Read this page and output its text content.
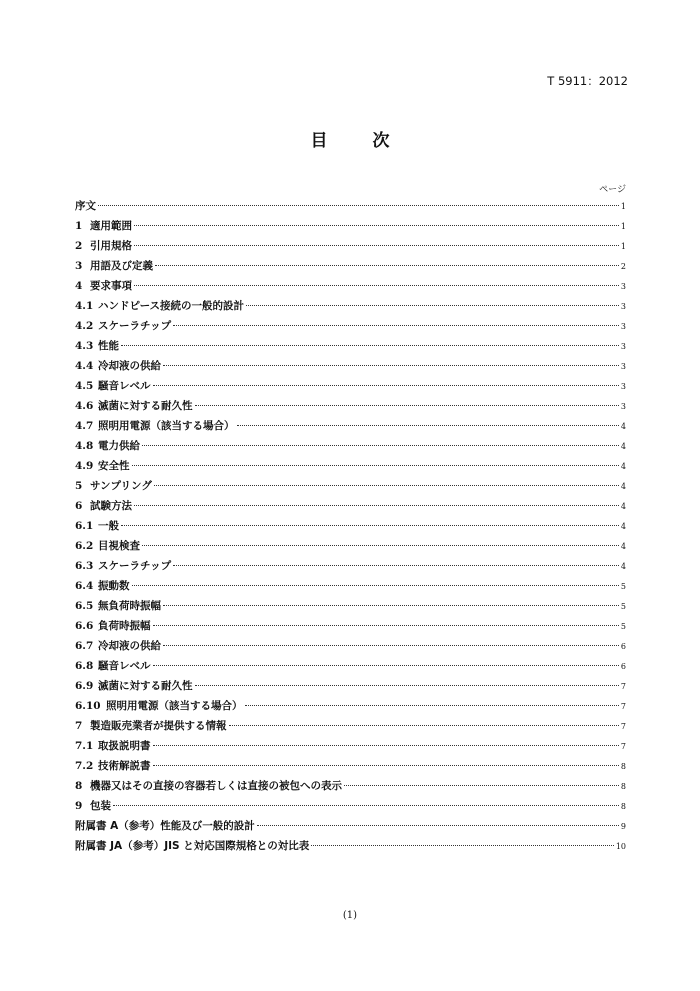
T 5911：2012
目　次
ページ
序文	1
1 適用範囲	1
2 引用規格	1
3 用語及び定義	2
4 要求事項	3
4.1 ハンドピース接続の一般的設計	3
4.2 スケーラチップ	3
4.3 性能	3
4.4 冷却液の供給	3
4.5 騒音レベル	3
4.6 滅菌に対する耐久性	3
4.7 照明用電源（該当する場合）	4
4.8 電力供給	4
4.9 安全性	4
5 サンプリング	4
6 試験方法	4
6.1 一般	4
6.2 目視検査	4
6.3 スケーラチップ	4
6.4 振動数	5
6.5 無負荷時振幅	5
6.6 負荷時振幅	5
6.7 冷却液の供給	6
6.8 騒音レベル	6
6.9 滅菌に対する耐久性	7
6.10 照明用電源（該当する場合）	7
7 製造販売業者が提供する情報	7
7.1 取扱説明書	7
7.2 技術解説書	8
8 機器又はその直接の容器若しくは直接の被包への表示	8
9 包装	8
附属書 A（参考）性能及び一般的設計	9
附属書 JA（参考）JIS と対応国際規格との対比表	10
(1)
